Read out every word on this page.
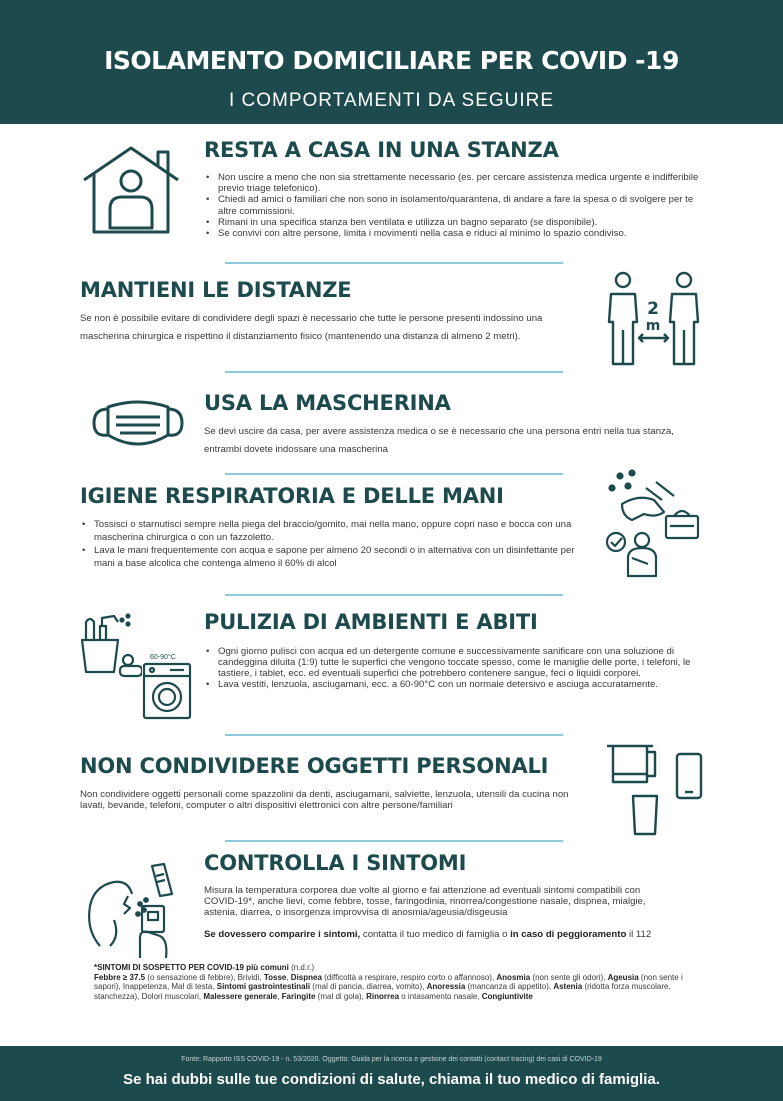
ISOLAMENTO DOMICILIARE PER COVID -19
I COMPORTAMENTI DA SEGUIRE
RESTA A CASA IN UNA STANZA
• Non uscire a meno che non sia strettamente necessario (es. per cercare assistenza medica urgente e indifferibile previo triage telefonico).
• Chiedi ad amici o familiari che non sono in isolamento/quarantena, di andare a fare la spesa o di svolgere per te altre commissioni.
• Rimani in una specifica stanza ben ventilata e utilizza un bagno separato (se disponibile).
• Se convivi con altre persone, limita i movimenti nella casa e riduci al minimo lo spazio condiviso.
MANTIENI LE DISTANZE

Se non è possibile evitare di condividere degli spazi è necessario che tutte le persone presenti indossino una mascherina chirurgica e rispettino il distanziamento fisico (mantenendo una distanza di almeno 2 metri).

2
m
USA LA MASCHERINA

Se devi uscire da casa, per avere assistenza medica o se è necessario che una persona entri nella tua stanza, entrambi dovete indossare una mascherina

IGIENE RESPIRATORIA E DELLE MANI
• Tossisci o starnutisci sempre nella piega del braccio/gomito, mai nella mano, oppure copri naso e bocca con una mascherina chirurgica o con un fazzoletto.
• Lava le mani frequentemente con acqua e sapone per almeno 20 secondi o in alternativa con un disinfettante per mani a base alcolica che contenga almeno il 60% di alcol
60-90°C
PULIZIA DI AMBIENTI E ABITI
• Ogni giorno pulisci con acqua ed un detergente comune e successivamente sanificare con una soluzione di candeggina diluita (1:9) tutte le superfici che vengono toccate spesso, come le maniglie delle porte, i telefoni, le tastiere, i tablet, ecc. ed eventuali superfici che potrebbero contenere sangue, feci o liquidi corporei.
• Lava vestiti, lenzuola, asciugamani, ecc. a 60-90°C con un normale detersivo e asciuga accuratamente.
NON CONDIVIDERE OGGETTI PERSONALI

Non condividere oggetti personali come spazzolini da denti, asciugamani, salviette, lenzuola, utensili da cucina non lavati, bevande, telefoni, computer o altri dispositivi elettronici con altre persone/familiari

CONTROLLA I SINTOMI

Misura la temperatura corporea due volte al giorno e fai attenzione ad eventuali sintomi compatibili con COVID-19*, anche lievi, come febbre, tosse, faringodinia, rinorrea/congestione nasale, dispnea, mialgie, astenia, diarrea, o insorgenza improvvisa di anosmia/ageusia/disgeusia

Se dovessero comparire i sintomi, contatta il tuo medico di famiglia o in caso di peggioramento il 112
*SINTOMI DI SOSPETTO PER COVID-19 più comuni (n.d.r.)
Febbre ≥ 37.5 (o sensazione di febbre), Brividi, Tosse, Dispnea (difficoltà a respirare, respiro corto o affannoso), Anosmia (non sente gli odori), Ageusia (non sente i sapori), Inappetenza, Mal di testa, Sintomi gastrointestinali (mal di pancia, diarrea, vomito), Anoressia (mancanza di appetito), Astenia (ridotta forza muscolare, stanchezza), Dolori muscolari, Malessere generale, Faringite (mal di gola), Rinorrea o intasamento nasale, Congiuntivite
Fonte: Rapporto ISS COVID-19 - n. 53/2020. Oggetto: Guida per la ricerca e gestione dei contatti (contact tracing) dei casi di COVID-19
Se hai dubbi sulle tue condizioni di salute, chiama il tuo medico di famiglia.
